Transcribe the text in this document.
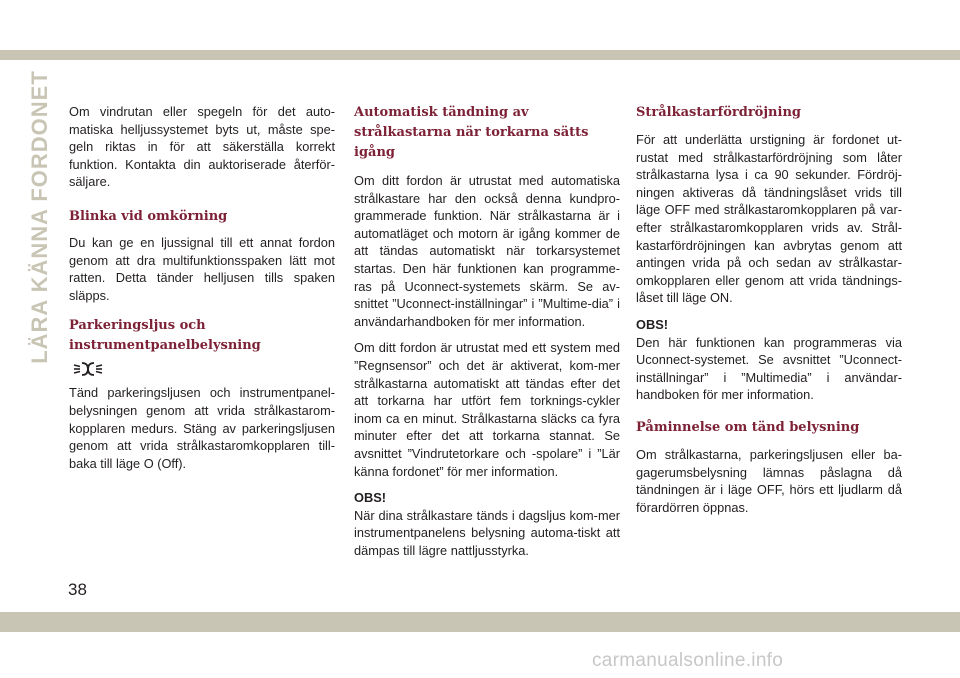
LÄRA KÄNNA FORDONET Om vindrutan eller spegeln för det auto-matiska helljussystemet byts ut, måste spe-geln riktas in för att säkerställa korrekt funktion. Kontakta din auktoriserade återför-säljare.

Blinka vid omkörning

Du kan ge en ljussignal till ett annat fordon genom att dra multifunktionsspaken lätt mot ratten. Detta tänder helljusen tills spaken släpps.

Parkeringsljus och instrumentpanelbelysning

Tänd parkeringsljusen och instrumentpanel-belysningen genom att vrida strålkastarom-kopplaren medurs. Stäng av parkeringsljusen genom att vrida strålkastaromkopplaren till-baka till läge O (Off).

Automatisk tändning av strålkastarna när torkarna sätts igång

Om ditt fordon är utrustat med automatiska strålkastare har den också denna kundpro-grammerade funktion. När strålkastarna är i automatläget och motorn är igång kommer de att tändas automatiskt när torkarsystemet startas. Den här funktionen kan programme-ras på Uconnect-systemets skärm. Se av-snittet ”Uconnect-inställningar” i ”Multime-dia” i användarhandboken för mer information.

Om ditt fordon är utrustat med ett system med ”Regnsensor” och det är aktiverat, kom-mer strålkastarna automatiskt att tändas efter det att torkarna har utfört fem torknings-cykler inom ca en minut. Strålkastarna släcks ca fyra minuter efter det att torkarna stannat. Se avsnittet ”Vindrutetorkare och -spolare” i ”Lär känna fordonet” för mer information.

OBS!

När dina strålkastare tänds i dagsljus kom-mer instrumentpanelens belysning automa-tiskt att dämpas till lägre nattljusstyrka.

Strålkastarfördröjning

För att underlätta urstigning är fordonet ut-rustat med strålkastarfördröjning som låter strålkastarna lysa i ca 90 sekunder. Fördröj-ningen aktiveras då tändningslåset vrids till läge OFF med strålkastaromkopplaren på var-efter strålkastaromkopplaren vrids av. Strål-kastarfördröjningen kan avbrytas genom att antingen vrida på och sedan av strålkastar-omkopplaren eller genom att vrida tändnings-låset till läge ON.

OBS!

Den här funktionen kan programmeras via Uconnect-systemet. Se avsnittet ”Uconnect-inställningar” i ”Multimedia” i användar-handboken för mer information.

Påminnelse om tänd belysning

Om strålkastarna, parkeringsljusen eller ba-gagerumsbelysning lämnas påslagna då tändningen är i läge OFF, hörs ett ljudlarm då förardörren öppnas.

38
carmanualsonline.info
